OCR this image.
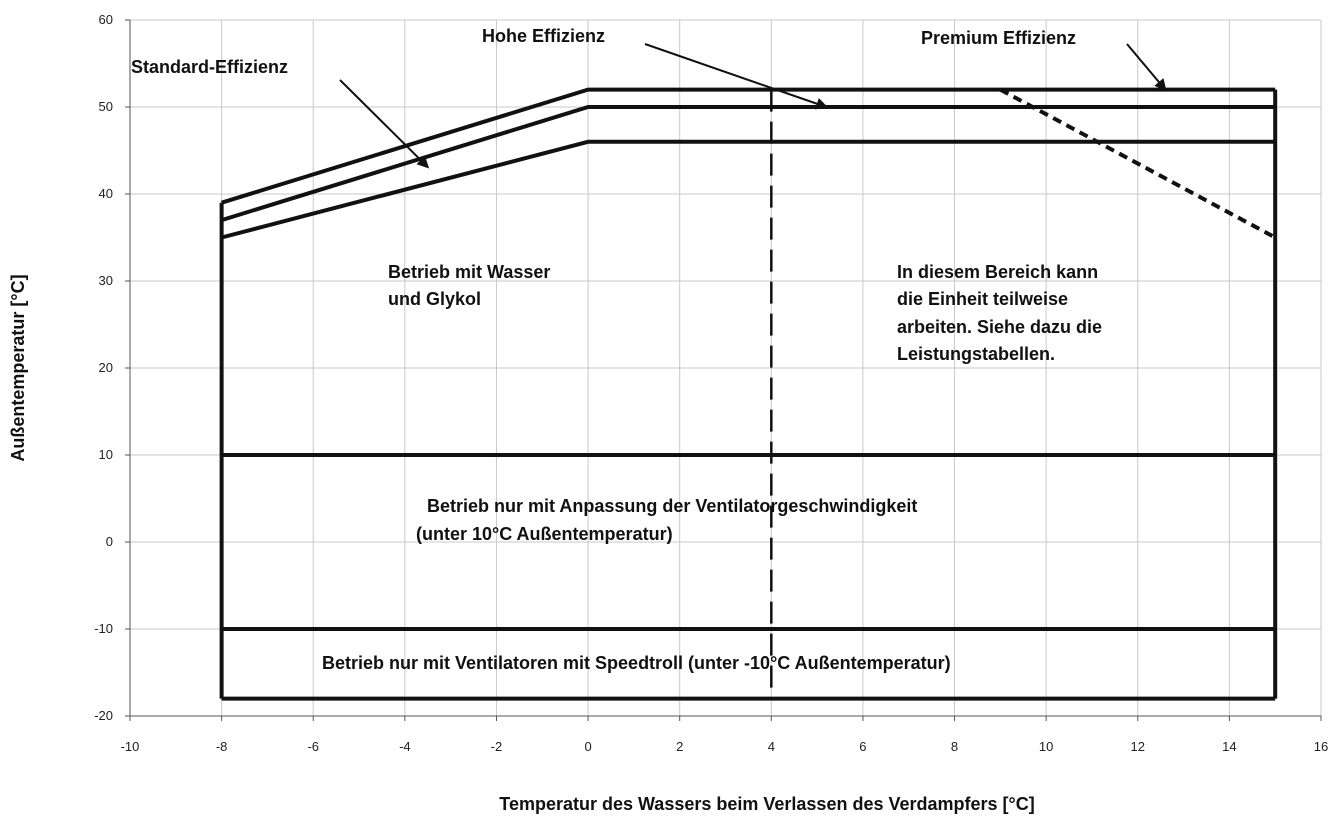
-10	-8	-6	-4	-2	0	2	4	6	8	10	12	14	16
-20
-10
0
10
20
30
40
50
60
Temperatur des Wassers beim Verlassen des Verdampfers [°C]
Außentemperatur [°C]
Standard-Effizienz
Hohe Effizienz	Premium Effizienz
Betrieb mit Wasser und Glykol
In diesem Bereich kann die Einheit teilweise arbeiten. Siehe dazu die Leistungstabellen.
Betrieb nur mit Anpassung der Ventilatorgeschwindigkeit (unter 10°C Außentemperatur)
Betrieb nur mit Ventilatoren mit Speedtroll (unter -10°C Außentemperatur)
